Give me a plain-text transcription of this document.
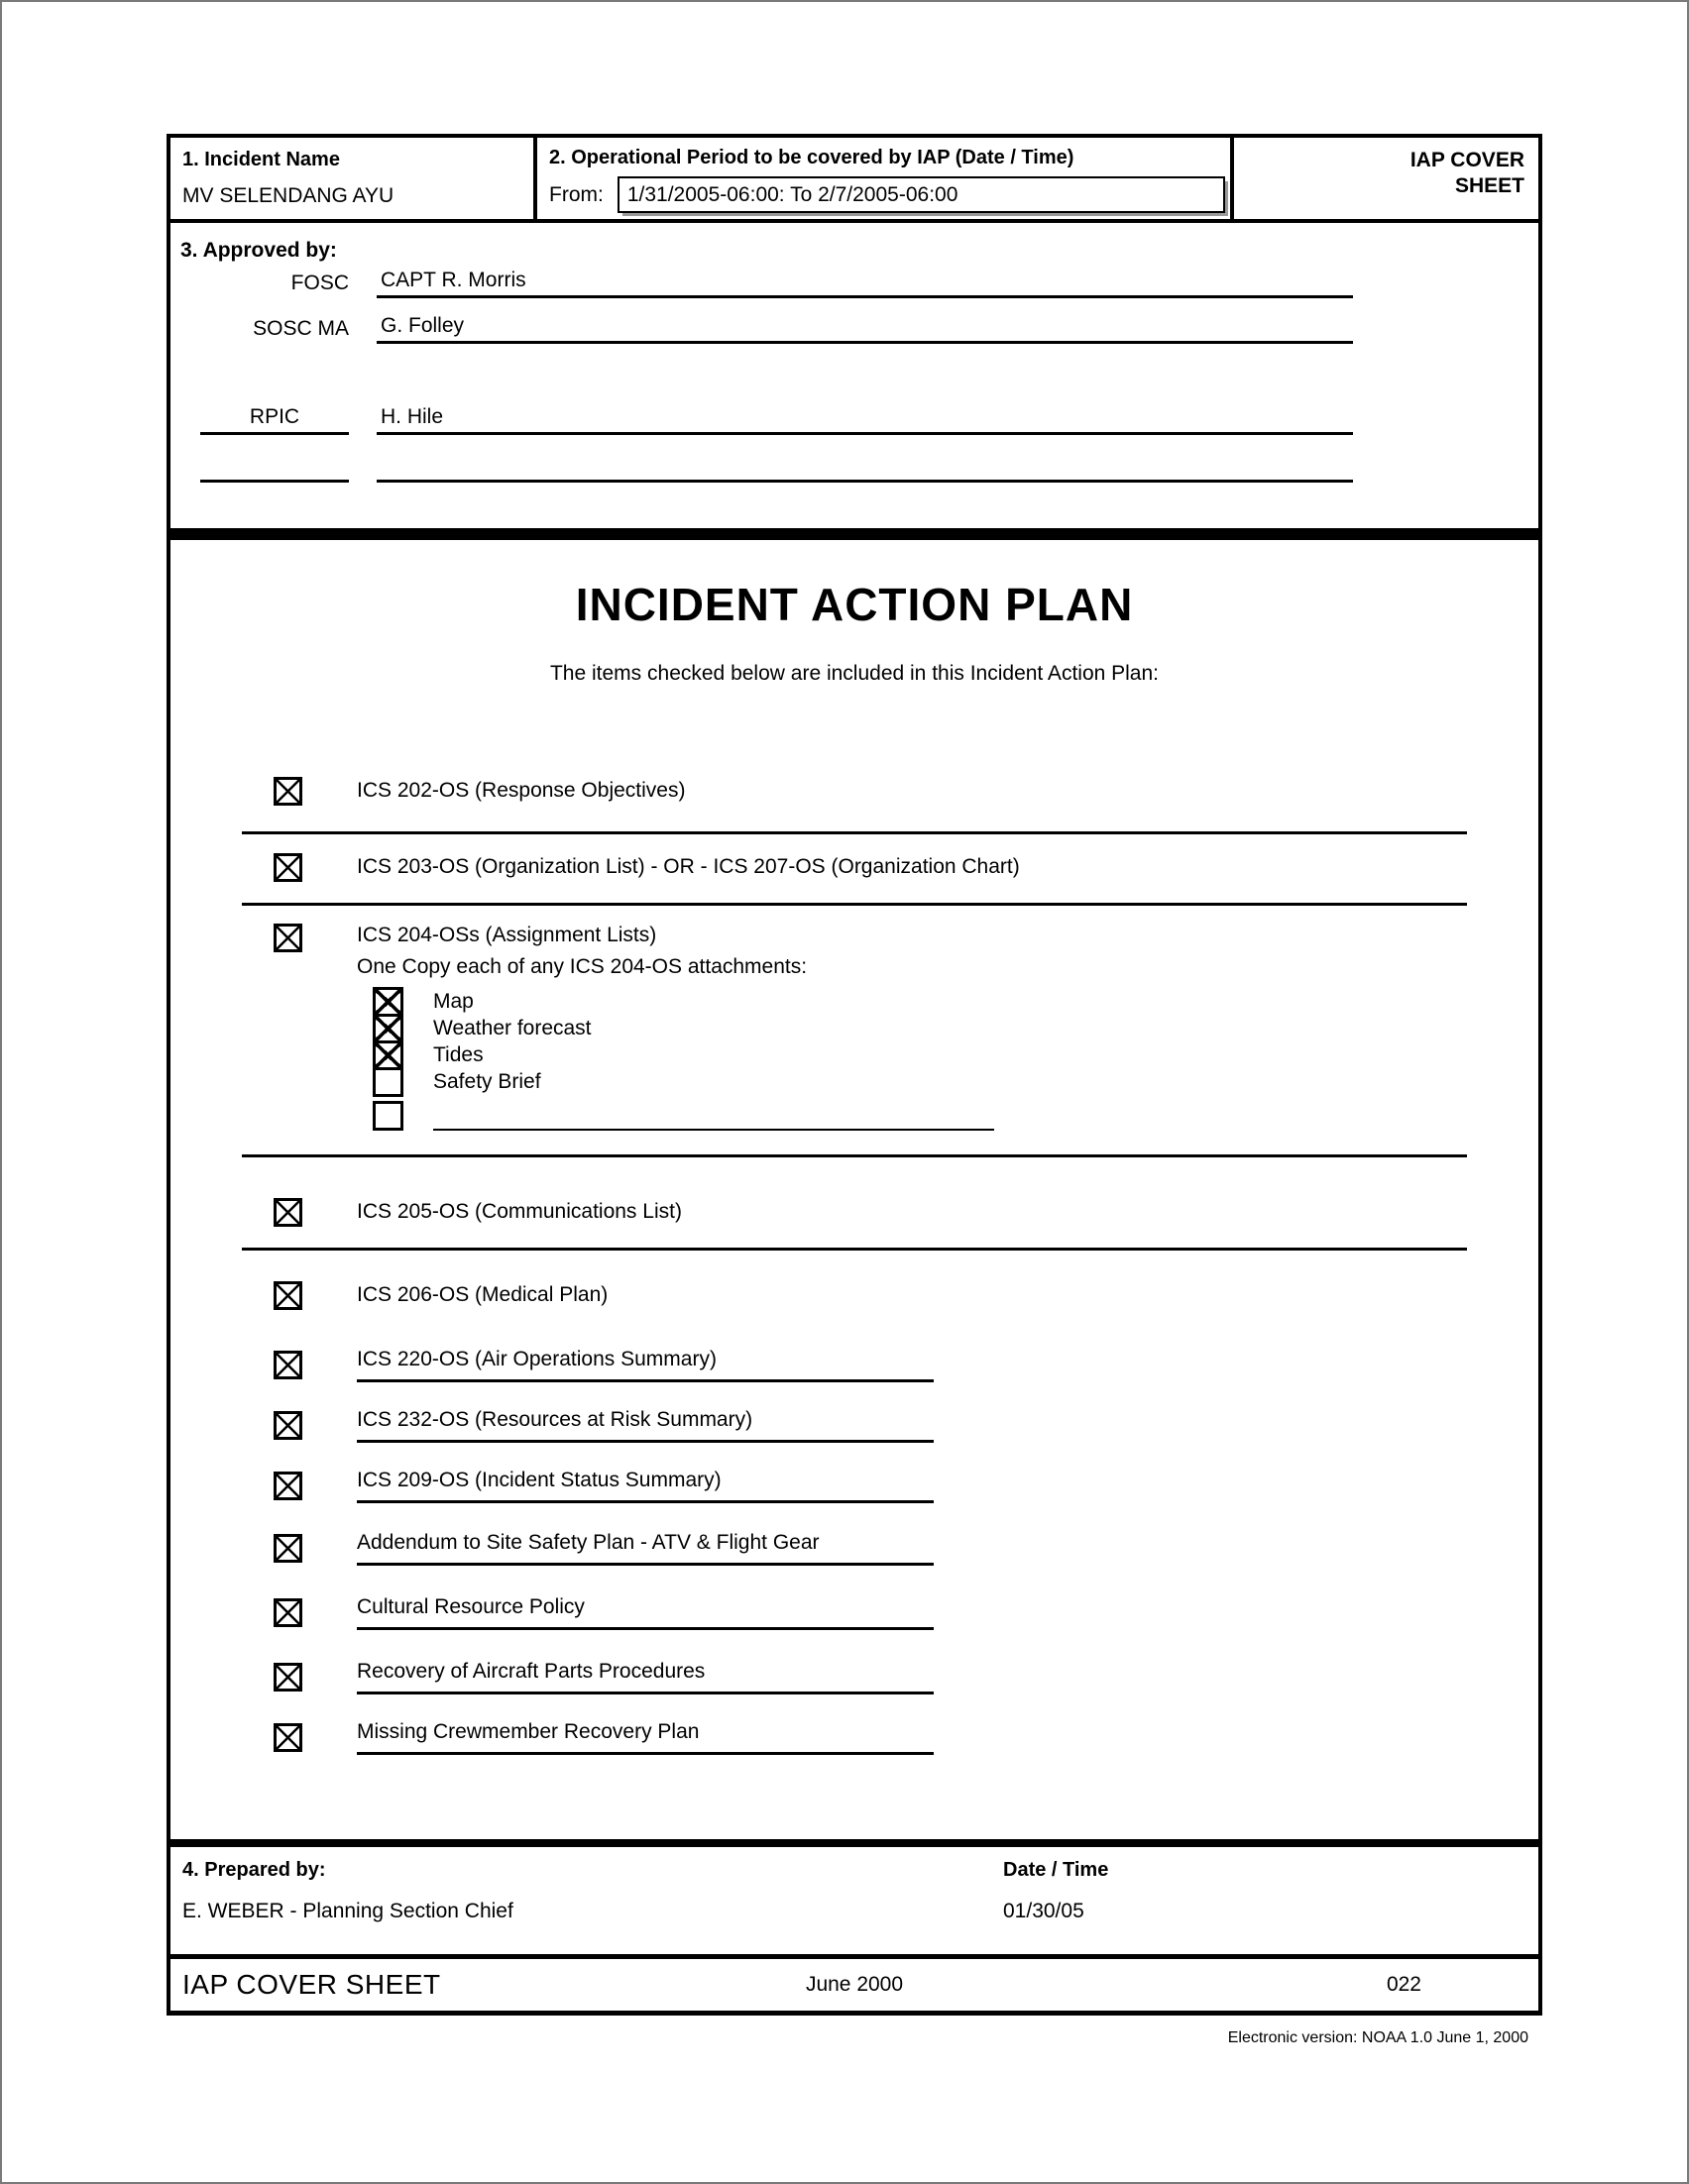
1. Incident Name
MV SELENDANG AYU
2. Operational Period to be covered by IAP (Date / Time)
From:	1/31/2005-06:00: To 2/7/2005-06:00
IAP COVER SHEET
3. Approved by:
FOSC CAPT R. Morris
SOSC MA G. Folley
RPIC	H. Hile
INCIDENT ACTION PLAN
The items checked below are included in this Incident Action Plan:
ICS 202-OS (Response Objectives)
ICS 203-OS (Organization List) - OR - ICS 207-OS (Organization Chart)
ICS 204-OSs (Assignment Lists)
One Copy each of any ICS 204-OS attachments:
Map
Weather forecast
Tides
Safety Brief
ICS 205-OS (Communications List)
ICS 206-OS (Medical Plan)
ICS 220-OS (Air Operations Summary)
ICS 232-OS (Resources at Risk Summary)
ICS 209-OS (Incident Status Summary)
Addendum to Site Safety Plan - ATV & Flight Gear
Cultural Resource Policy
Recovery of Aircraft Parts Procedures
Missing Crewmember Recovery Plan
4. Prepared by:	Date / Time
E. WEBER - Planning Section Chief	01/30/05
IAP COVER SHEET	June 2000	022
Electronic version: NOAA 1.0 June 1, 2000
